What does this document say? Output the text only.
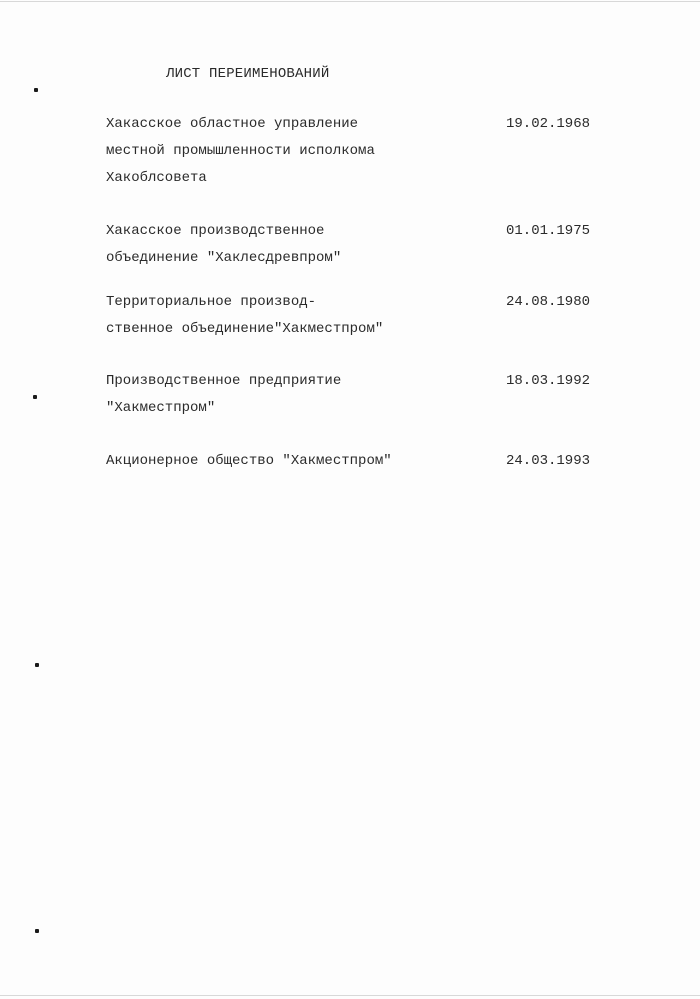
ЛИСТ ПЕРЕИМЕНОВАНИЙ
Хакасское областное управление
местной промышленности исполкома
Хакоблсовета
19.02.1968
Хакасское производственное
объединение "Хаклесдревпром"
01.01.1975
Территориальное производ-
ственное объединение"Хакместпром"
24.08.1980
Производственное предприятие
"Хакместпром"
18.03.1992
Акционерное общество "Хакместпром"	24.03.1993
